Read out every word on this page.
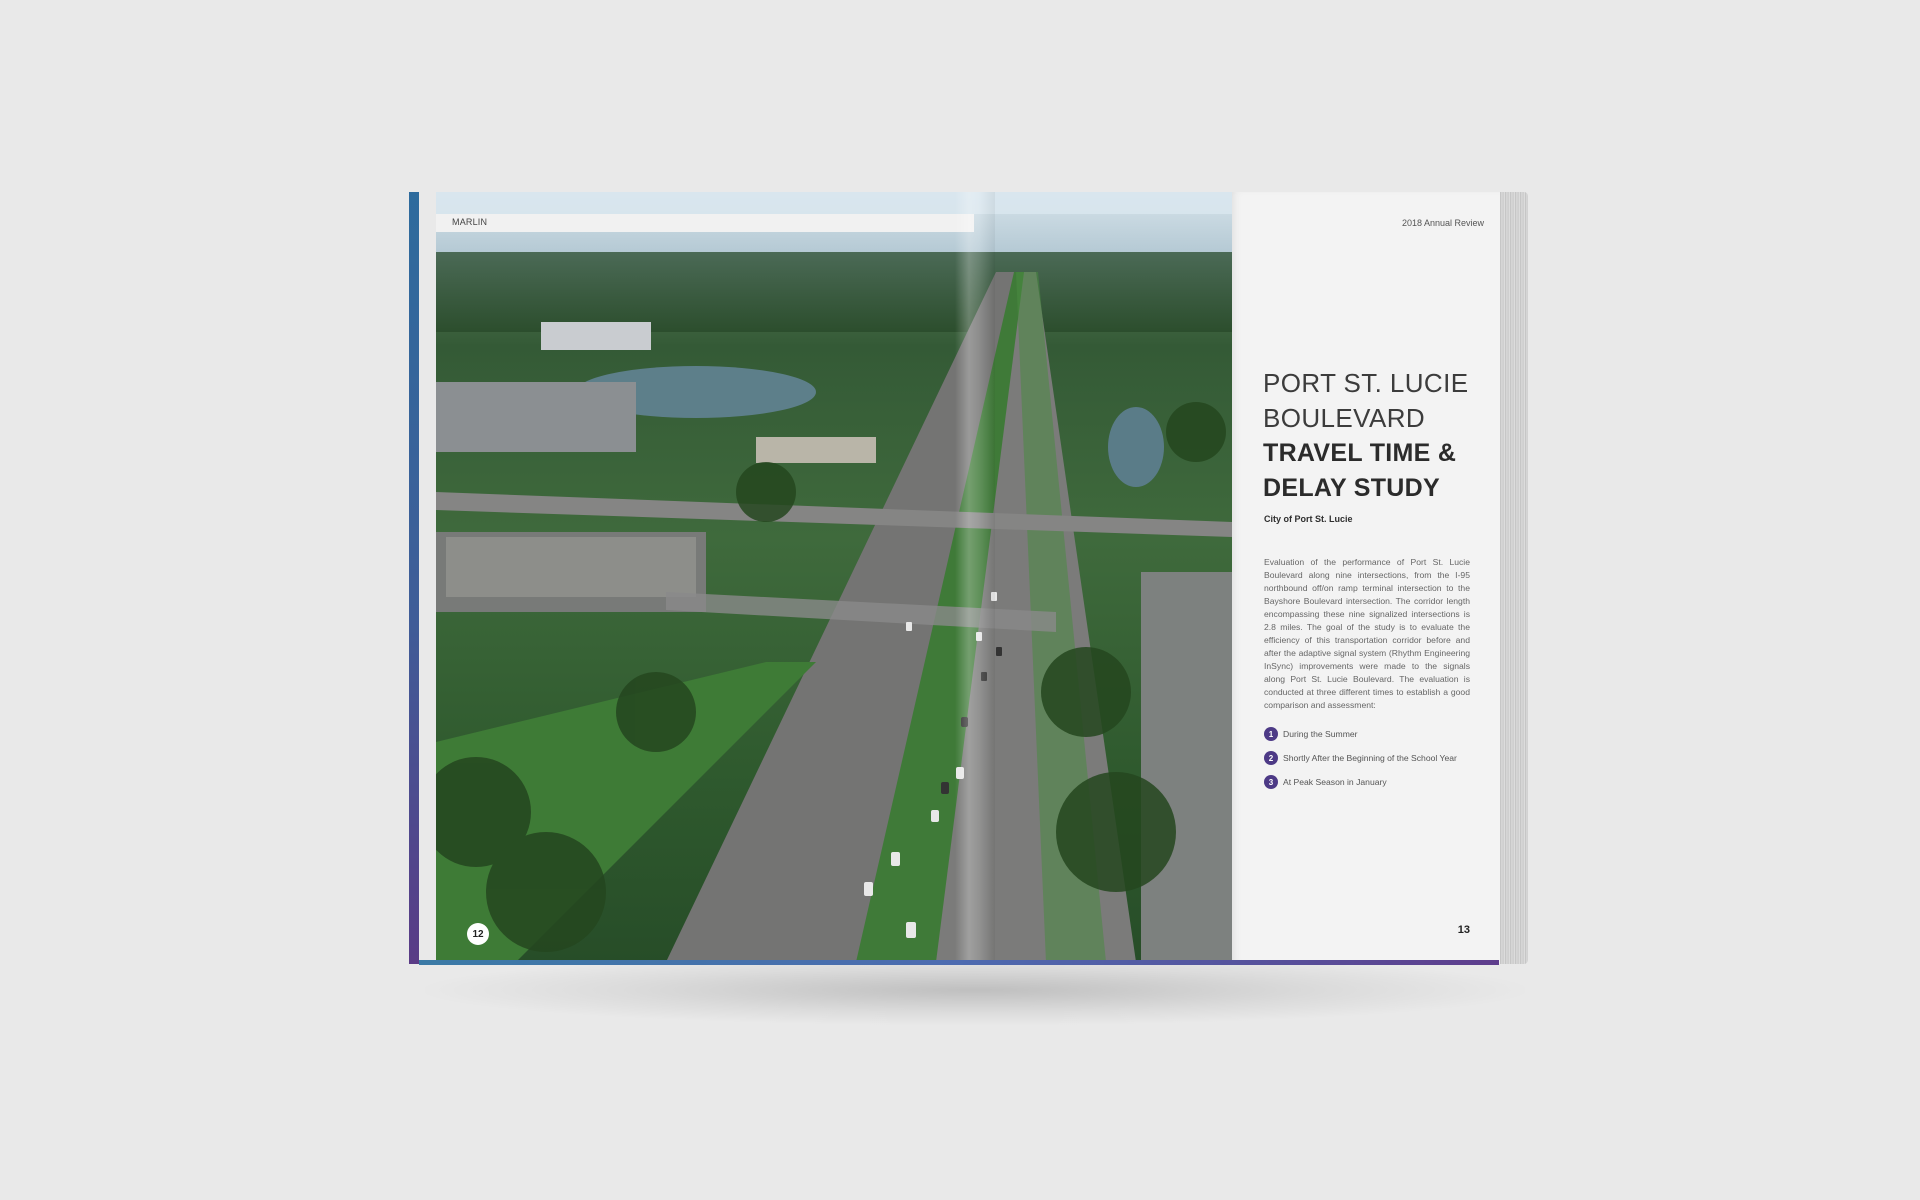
MARLIN
12
2018 Annual Review
PORT ST. LUCIE BOULEVARD
TRAVEL TIME & DELAY STUDY
City of Port St. Lucie
Evaluation of the performance of Port St. Lucie Boulevard along nine intersections, from the I-95 northbound off/on ramp terminal intersection to the Bayshore Boulevard intersection. The corridor length encompassing these nine signalized intersections is 2.8 miles. The goal of the study is to evaluate the efficiency of this transportation corridor before and after the adaptive signal system (Rhythm Engineering InSync) improvements were made to the signals along Port St. Lucie Boulevard. The evaluation is conducted at three different times to establish a good comparison and assessment:
1	During the Summer
2	Shortly After the Beginning of the School Year
3	At Peak Season in January
13
